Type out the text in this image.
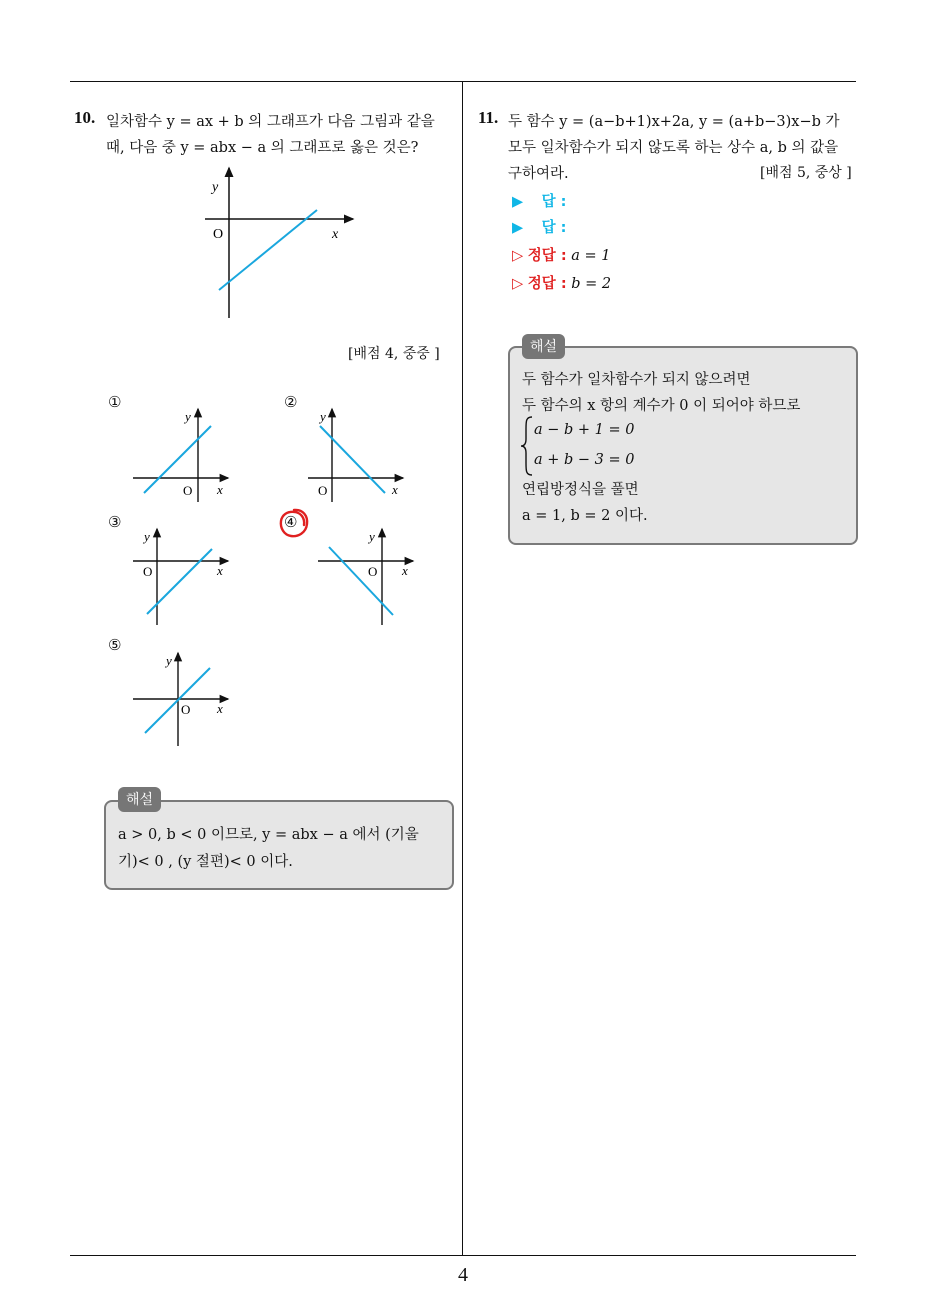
4
10. 일차함수 y = ax + b 의 그래프가 다음 그림과 같을
때, 다음 중 y = abx − a 의 그래프로 옳은 것은?
y
x
O
[배점 4, 중중 ]
①	②
③	④
⑤
y
x
O
y
x
O
y
x
O
y
x
O
y
x
O
해설
a > 0, b < 0 이므로, y = abx − a 에서 (기울
기)< 0 , (y 절편)< 0 이다.
11. 두 함수 y = (a−b+1)x+2a, y = (a+b−3)x−b 가
모두 일차함수가 되지 않도록 하는 상수 a, b 의 값을
구하여라.	[배점 5, 중상 ]
▶ 답 :
▶ 답 :
▷ 정답 : a = 1
▷ 정답 : b = 2
해설
두 함수가 일차함수가 되지 않으려면
두 함수의 x 항의 계수가 0 이 되어야 하므로
a − b + 1 = 0
a + b − 3 = 0
연립방정식을 풀면
a = 1, b = 2 이다.
